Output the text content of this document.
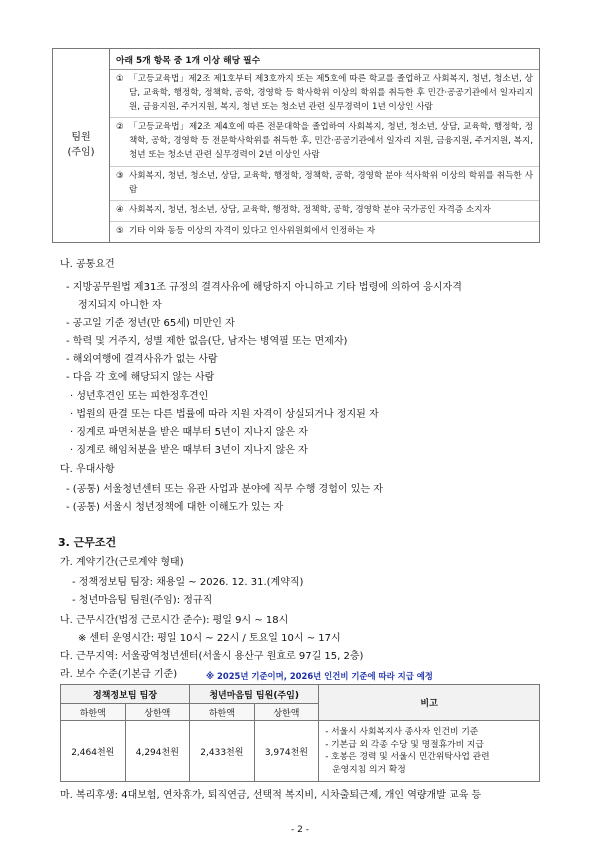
팀원
(주임)

아래 5개 항목 중 1개 이상 해당 필수
① 「고등교육법」제2조 제1호부터 제3호까지 또는 제5호에 따른 학교를 졸업하고 사회복지, 청년, 청소년, 상담, 교육학, 행정학, 정책학, 공학, 경영학 등 학사학위 이상의 학위를 취득한 후 민간·공공기관에서 일자리지원, 금융지원, 주거지원, 복지, 청년 또는 청소년 관련 실무경력이 1년 이상인 사람
② 「고등교육법」제2조 제4호에 따른 전문대학을 졸업하여 사회복지, 청년, 청소년, 상담, 교육학, 행정학, 정책학, 공학, 경영학 등 전문학사학위를 취득한 후, 민간·공공기관에서 일자리 지원, 금융지원, 주거지원, 복지, 청년 또는 청소년 관련 실무경력이 2년 이상인 사람
③ 사회복지, 청년, 청소년, 상담, 교육학, 행정학, 정책학, 공학, 경영학 분야 석사학위 이상의 학위를 취득한 사람
④ 사회복지, 청년, 청소년, 상담, 교육학, 행정학, 정책학, 공학, 경영학 분야 국가공인 자격증 소지자
⑤ 기타 이와 동등 이상의 자격이 있다고 인사위원회에서 인정하는 자
나. 공통요건
- 지방공무원법 제31조 규정의 결격사유에 해당하지 아니하고 기타 법령에 의하여 응시자격
정지되지 아니한 자
- 공고일 기준 정년(만 65세) 미만인 자
- 학력 및 거주지, 성별 제한 없음(단, 남자는 병역필 또는 면제자)
- 해외여행에 결격사유가 없는 사람
- 다음 각 호에 해당되지 않는 사람
· 성년후견인 또는 피한정후견인
· 법원의 판결 또는 다른 법률에 따라 지원 자격이 상실되거나 정지된 자
· 징계로 파면처분을 받은 때부터 5년이 지나지 않은 자
· 징계로 해임처분을 받은 때부터 3년이 지나지 않은 자
다. 우대사항
- (공통) 서울청년센터 또는 유관 사업과 분야에 직무 수행 경험이 있는 자
- (공통) 서울시 청년정책에 대한 이해도가 있는 자
3. 근무조건
가. 계약기간(근로계약 형태)
- 정책정보팀 팀장: 채용일 ~ 2026. 12. 31.(계약직)
- 청년마음팀 팀원(주임): 정규직
나. 근무시간(법정 근로시간 준수): 평일 9시 ~ 18시
※ 센터 운영시간: 평일 10시 ~ 22시 / 토요일 10시 ~ 17시
다. 근무지역: 서울광역청년센터(서울시 용산구 원효로 97길 15, 2층)
라. 보수 수준(기본급 기준)	※ 2025년 기준이며, 2026년 인건비 기준에 따라 지급 예정
정책정보팀 팀장		청년마음팀 팀원(주임)		비고
하한액	상한액	하한액	상한액	
2,464천원	4,294천원	2,433천원	3,974천원	- 서울시 사회복지사 종사자 인건비 기준
- 기본급 외 각종 수당 및 명절휴가비 지급
- 호봉은 경력 및 서울시 민간위탁사업 관련
운영지침 의거 확정
마. 복리후생: 4대보험, 연차휴가, 퇴직연금, 선택적 복지비, 시차출퇴근제, 개인 역량개발 교육 등
- 2 -
